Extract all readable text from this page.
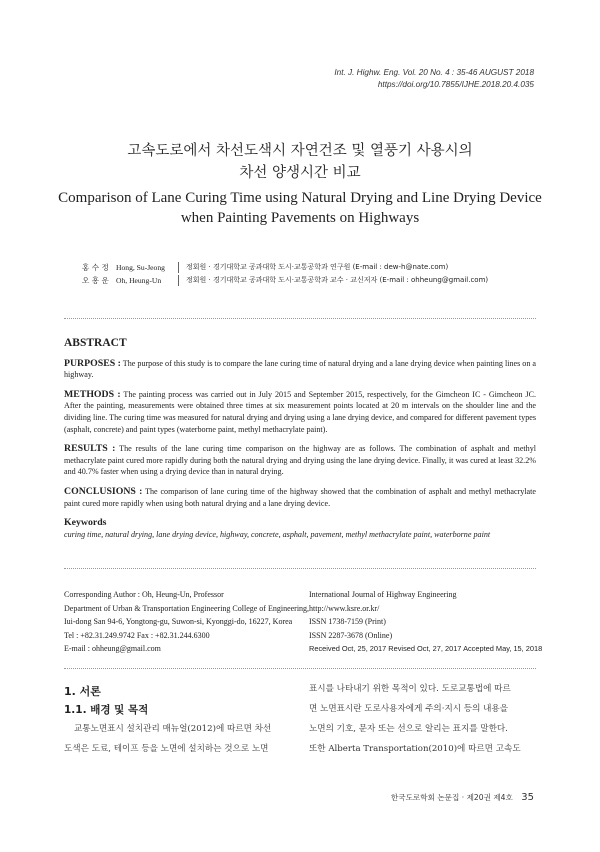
Int. J. Highw. Eng. Vol. 20 No. 4 : 35-46 AUGUST 2018
https://doi.org/10.7855/IJHE.2018.20.4.035
고속도로에서 차선도색시 자연건조 및 열풍기 사용시의
차선 양생시간 비교
Comparison of Lane Curing Time using Natural Drying and Line Drying Device
when Painting Pavements on Highways
홍 수 정 Hong, Su-Jeong	정회원 · 경기대학교 공과대학 도시·교통공학과 연구원 (E-mail : dew-h@nate.com)
오 흥 운 Oh, Heung-Un	정회원 · 경기대학교 공과대학 도시·교통공학과 교수 · 교신저자 (E-mail : ohheung@gmail.com)
ABSTRACT

PURPOSES : The purpose of this study is to compare the lane curing time of natural drying and a lane drying device when painting lines on a highway.

METHODS : The painting process was carried out in July 2015 and September 2015, respectively, for the Gimcheon IC - Gimcheon JC. After the painting, measurements were obtained three times at six measurement points located at 20 m intervals on the shoulder line and the dividing line. The curing time was measured for natural drying and drying using a lane drying device, and compared for different pavement types (asphalt, concrete) and paint types (waterborne paint, methyl methacrylate paint).

RESULTS : The results of the lane curing time comparison on the highway are as follows. The combination of asphalt and methyl methacrylate paint cured more rapidly during both the natural drying and drying using the lane drying device. Finally, it was cured at least 32.2% and 40.7% faster when using a drying device than in natural drying.

CONCLUSIONS : The comparison of lane curing time of the highway showed that the combination of asphalt and methyl methacrylate paint cured more rapidly when using both natural drying and a lane drying device.

Keywords
curing time, natural drying, lane drying device, highway, concrete, asphalt, pavement, methyl methacrylate paint, waterborne paint
Corresponding Author : Oh, Heung-Un, Professor
Department of Urban & Transportation Engineering College of Engineering,
Iui-dong San 94-6, Yongtong-gu, Suwon-si, Kyonggi-do, 16227, Korea
Tel : +82.31.249.9742 Fax : +82.31.244.6300
E-mail : ohheung@gmail.com
International Journal of Highway Engineering
http://www.ksre.or.kr/
ISSN 1738-7159 (Print)
ISSN 2287-3678 (Online)
Received Oct, 25, 2017 Revised Oct, 27, 2017 Accepted May, 15, 2018
1. 서론
1.1. 배경 및 목적
교통노면표시 설치관리 매뉴얼(2012)에 따르면 차선
도색은 도료, 테이프 등을 노면에 설치하는 것으로 노면
표시를 나타내기 위한 목적이 있다. 도로교통법에 따르
면 노면표시란 도로사용자에게 주의·지시 등의 내용을
노면의 기호, 문자 또는 선으로 알리는 표지를 말한다.
또한 Alberta Transportation(2010)에 따르면 고속도
한국도로학회 논문집 · 제20권 제4호 35
